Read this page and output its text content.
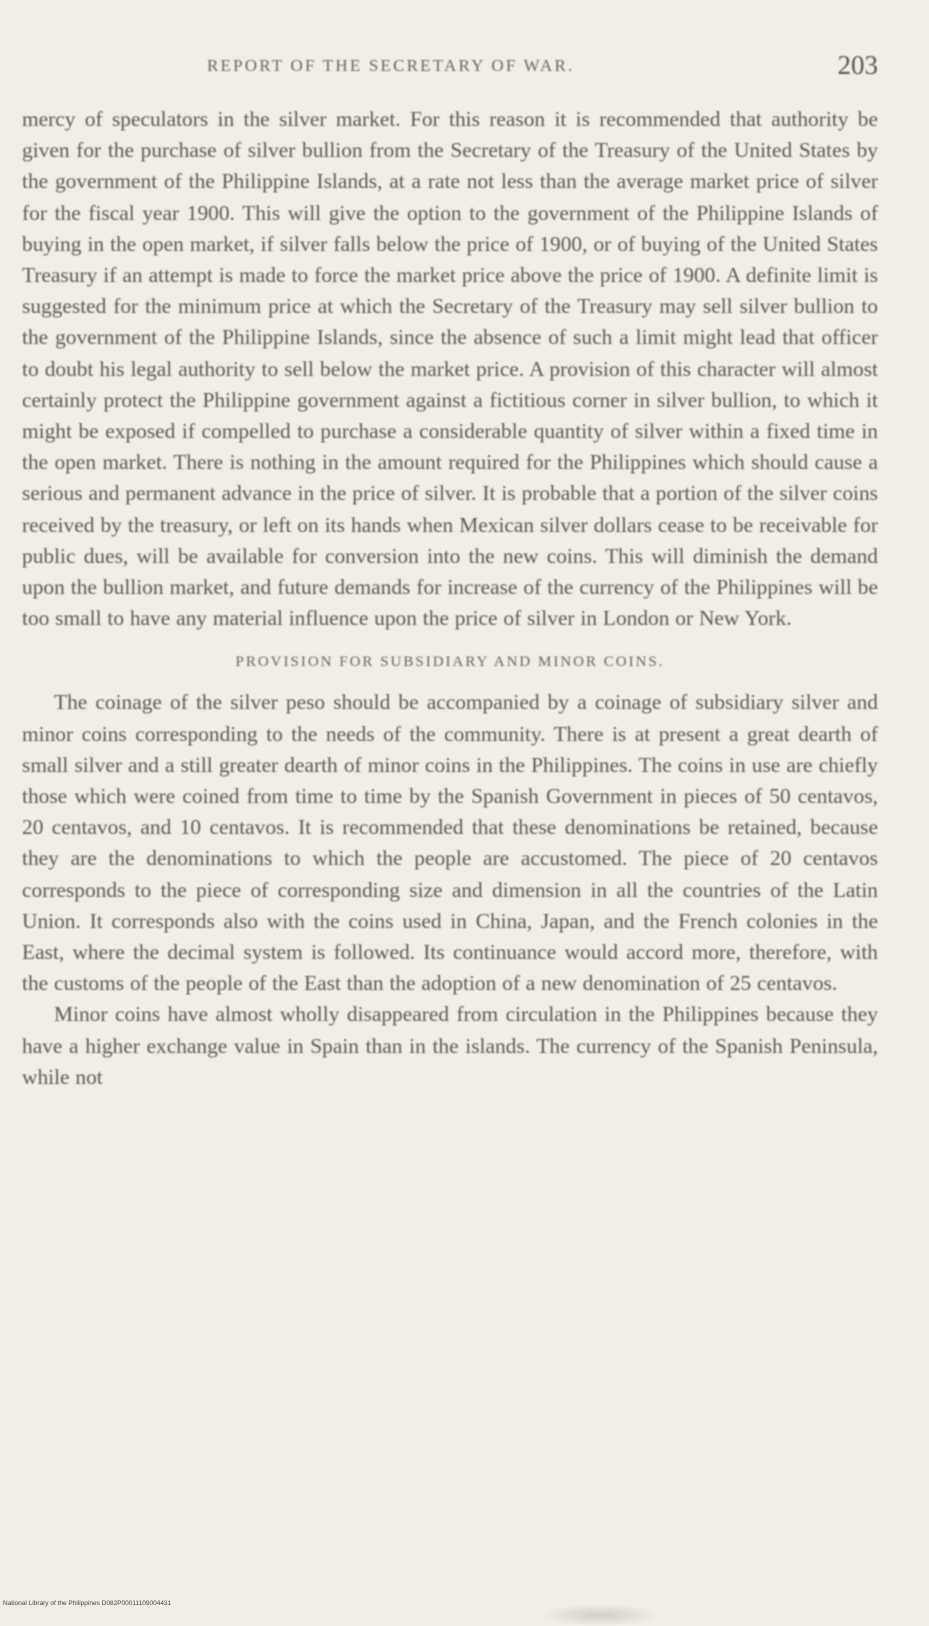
REPORT OF THE SECRETARY OF WAR.	203

mercy of speculators in the silver market. For this reason it is recommended that authority be given for the purchase of silver bullion from the Secretary of the Treasury of the United States by the government of the Philippine Islands, at a rate not less than the average market price of silver for the fiscal year 1900. This will give the option to the government of the Philippine Islands of buying in the open market, if silver falls below the price of 1900, or of buying of the United States Treasury if an attempt is made to force the market price above the price of 1900. A definite limit is suggested for the minimum price at which the Secretary of the Treasury may sell silver bullion to the government of the Philippine Islands, since the absence of such a limit might lead that officer to doubt his legal authority to sell below the market price. A provision of this character will almost certainly protect the Philippine government against a fictitious corner in silver bullion, to which it might be exposed if compelled to purchase a considerable quantity of silver within a fixed time in the open market. There is nothing in the amount required for the Philippines which should cause a serious and permanent advance in the price of silver. It is probable that a portion of the silver coins received by the treasury, or left on its hands when Mexican silver dollars cease to be receivable for public dues, will be available for conversion into the new coins. This will diminish the demand upon the bullion market, and future demands for increase of the currency of the Philippines will be too small to have any material influence upon the price of silver in London or New York.

PROVISION FOR SUBSIDIARY AND MINOR COINS.

The coinage of the silver peso should be accompanied by a coinage of subsidiary silver and minor coins corresponding to the needs of the community. There is at present a great dearth of small silver and a still greater dearth of minor coins in the Philippines. The coins in use are chiefly those which were coined from time to time by the Spanish Government in pieces of 50 centavos, 20 centavos, and 10 centavos. It is recommended that these denominations be retained, because they are the denominations to which the people are accustomed. The piece of 20 centavos corresponds to the piece of corresponding size and dimension in all the countries of the Latin Union. It corresponds also with the coins used in China, Japan, and the French colonies in the East, where the decimal system is followed. Its continuance would accord more, therefore, with the customs of the people of the East than the adoption of a new denomination of 25 centavos.

Minor coins have almost wholly disappeared from circulation in the Philippines because they have a higher exchange value in Spain than in the islands. The currency of the Spanish Peninsula, while not

National Library of the Philippines D082P00011109004431
